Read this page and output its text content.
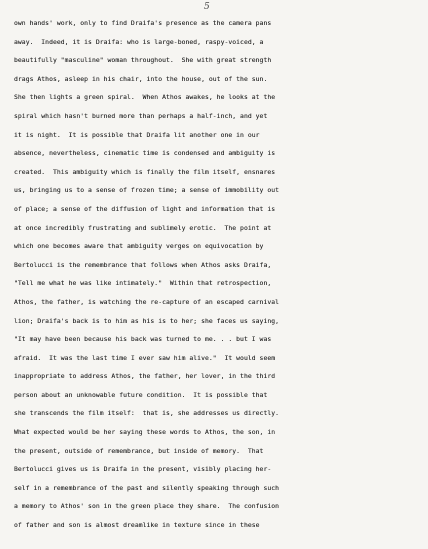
5
own hands' work, only to find Draifa's presence as the camera pans
away.  Indeed, it is Draifa: who is large-boned, raspy-voiced, a
beautifully "masculine" woman throughout.  She with great strength
drags Athos, asleep in his chair, into the house, out of the sun.
She then lights a green spiral.  When Athos awakes, he looks at the
spiral which hasn't burned more than perhaps a half-inch, and yet
it is night.  It is possible that Draifa lit another one in our
absence, nevertheless, cinematic time is condensed and ambiguity is
created.  This ambiguity which is finally the film itself, ensnares
us, bringing us to a sense of frozen time; a sense of immobility out
of place; a sense of the diffusion of light and information that is
at once incredibly frustrating and sublimely erotic.  The point at
which one becomes aware that ambiguity verges on equivocation by
Bertolucci is the remembrance that follows when Athos asks Draifa,
"Tell me what he was like intimately."  Within that retrospection,
Athos, the father, is watching the re-capture of an escaped carnival
lion; Draifa's back is to him as his is to her; she faces us saying,
"It may have been because his back was turned to me. . . but I was
afraid.  It was the last time I ever saw him alive."  It would seem
inappropriate to address Athos, the father, her lover, in the third
person about an unknowable future condition.  It is possible that
she transcends the film itself:  that is, she addresses us directly.
What expected would be her saying these words to Athos, the son, in
the present, outside of remembrance, but inside of memory.  That
Bertolucci gives us is Draifa in the present, visibly placing her-
self in a remembrance of the past and silently speaking through such
a memory to Athos' son in the green place they share.  The confusion
of father and son is almost dreamlike in texture since in these
